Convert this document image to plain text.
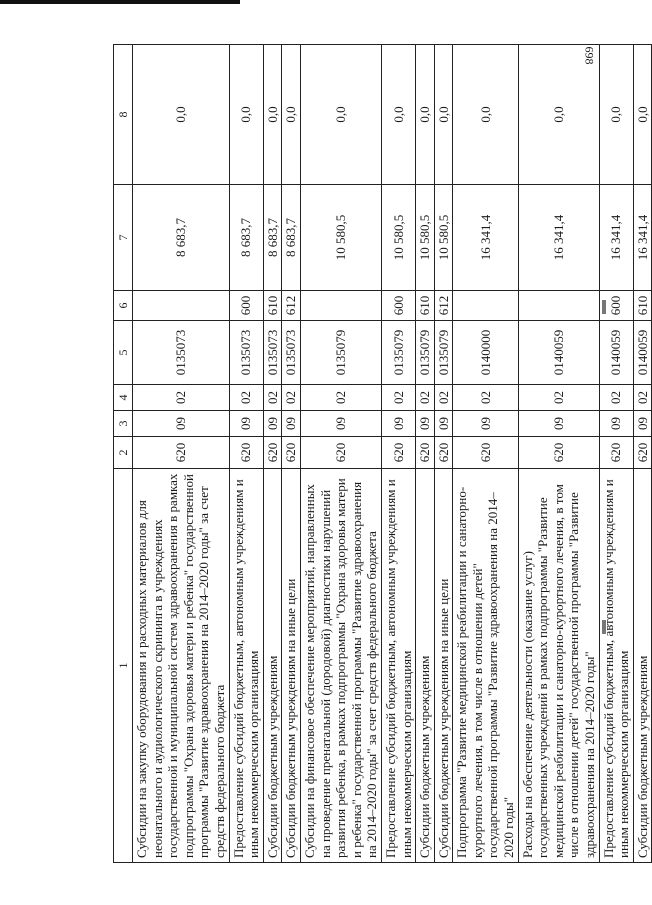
698
1	2	3	4	5	6	7	8
Субсидии на закупку оборудования и расходных материалов для неонатального и аудиологического скрининга в учреждениях государственной и муниципальной систем здравоохранения в рамках подпрограммы "Охрана здоровья матери и ребенка" государственной программы "Развитие здравоохранения на 2014–2020 годы" за счет средств федерального бюджета	620	09	02	0135073		8 683,7	0,0
Предоставление субсидий бюджетным, автономным учреждениям и иным некоммерческим организациям	620	09	02	0135073	600	8 683,7	0,0
Субсидии бюджетным учреждениям	620	09	02	0135073	610	8 683,7	0,0
Субсидии бюджетным учреждениям на иные цели	620	09	02	0135073	612	8 683,7	0,0
Субсидии на финансовое обеспечение мероприятий, направленных на проведение пренатальной (дородовой) диагностики нарушений развития ребенка, в рамках подпрограммы "Охрана здоровья матери и ребенка" государственной программы "Развитие здравоохранения на 2014–2020 годы" за счет средств федерального бюджета	620	09	02	0135079		10 580,5	0,0
Предоставление субсидий бюджетным, автономным учреждениям и иным некоммерческим организациям	620	09	02	0135079	600	10 580,5	0,0
Субсидии бюджетным учреждениям	620	09	02	0135079	610	10 580,5	0,0
Субсидии бюджетным учреждениям на иные цели	620	09	02	0135079	612	10 580,5	0,0
Подпрограмма "Развитие медицинской реабилитации и санаторно-курортного лечения, в том числе в отношении детей" государственной программы "Развитие здравоохранения на 2014–2020 годы"	620	09	02	0140000		16 341,4	0,0
Расходы на обеспечение деятельности (оказание услуг) государственных учреждений в рамках подпрограммы "Развитие медицинской реабилитации и санаторно-курортного лечения, в том числе в отношении детей" государственной программы "Развитие здравоохранения на 2014–2020 годы"	620	09	02	0140059		16 341,4	0,0
Предоставление субсидий бюджетным, автономным учреждениям и иным некоммерческим организациям	620	09	02	0140059	600	16 341,4	0,0
Субсидии бюджетным учреждениям	620	09	02	0140059	610	16 341,4	0,0
